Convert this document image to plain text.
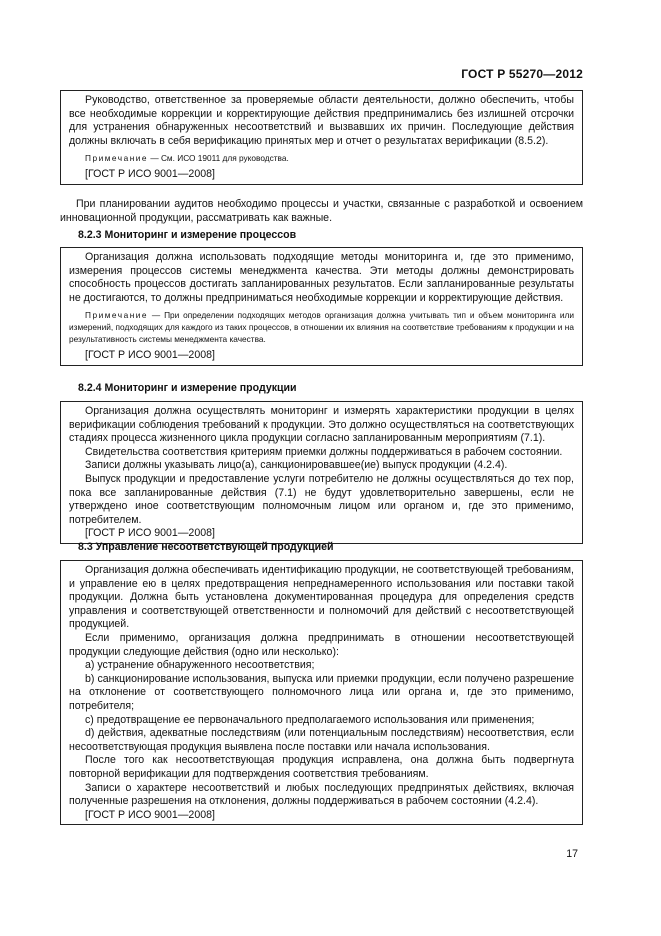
ГОСТ Р 55270—2012

Руководство, ответственное за проверяемые области деятельности, должно обеспечить, чтобы все необходимые коррекции и корректирующие действия предпринимались без излишней отсрочки для устранения обнаруженных несоответствий и вызвавших их причин. Последующие действия должны включать в себя верификацию принятых мер и отчет о результатах верификации (8.5.2).

Примечание — См. ИСО 19011 для руководства.

[ГОСТ Р ИСО 9001—2008]

При планировании аудитов необходимо процессы и участки, связанные с разработкой и освоением инновационной продукции, рассматривать как важные.

8.2.3 Мониторинг и измерение процессов

Организация должна использовать подходящие методы мониторинга и, где это применимо, измерения процессов системы менеджмента качества. Эти методы должны демонстрировать способность процессов достигать запланированных результатов. Если запланированные результаты не достигаются, то должны предприниматься необходимые коррекции и корректирующие действия.

Примечание — При определении подходящих методов организация должна учитывать тип и объем мониторинга или измерений, подходящих для каждого из таких процессов, в отношении их влияния на соответствие требованиям к продукции и на результативность системы менеджмента качества.

[ГОСТ Р ИСО 9001—2008]

8.2.4 Мониторинг и измерение продукции

Организация должна осуществлять мониторинг и измерять характеристики продукции в целях верификации соблюдения требований к продукции. Это должно осуществляться на соответствующих стадиях процесса жизненного цикла продукции согласно запланированным мероприятиям (7.1).

Свидетельства соответствия критериям приемки должны поддерживаться в рабочем состоянии.

Записи должны указывать лицо(а), санкционировавшее(ие) выпуск продукции (4.2.4).

Выпуск продукции и предоставление услуги потребителю не должны осуществляться до тех пор, пока все запланированные действия (7.1) не будут удовлетворительно завершены, если не утверждено иное соответствующим полномочным лицом или органом и, где это применимо, потребителем.

[ГОСТ Р ИСО 9001—2008]

8.3 Управление несоответствующей продукцией

Организация должна обеспечивать идентификацию продукции, не соответствующей требованиям, и управление ею в целях предотвращения непреднамеренного использования или поставки такой продукции. Должна быть установлена документированная процедура для определения средств управления и соответствующей ответственности и полномочий для действий с несоответствующей продукцией.

Если применимо, организация должна предпринимать в отношении несоответствующей продукции следующие действия (одно или несколько):

а) устранение обнаруженного несоответствия;

b) санкционирование использования, выпуска или приемки продукции, если получено разрешение на отклонение от соответствующего полномочного лица или органа и, где это применимо, потребителя;

с) предотвращение ее первоначального предполагаемого использования или применения;

d) действия, адекватные последствиям (или потенциальным последствиям) несоответствия, если несоответствующая продукция выявлена после поставки или начала использования.

После того как несоответствующая продукция исправлена, она должна быть подвергнута повторной верификации для подтверждения соответствия требованиям.

Записи о характере несоответствий и любых последующих предпринятых действиях, включая полученные разрешения на отклонения, должны поддерживаться в рабочем состоянии (4.2.4).

[ГОСТ Р ИСО 9001—2008]

17
